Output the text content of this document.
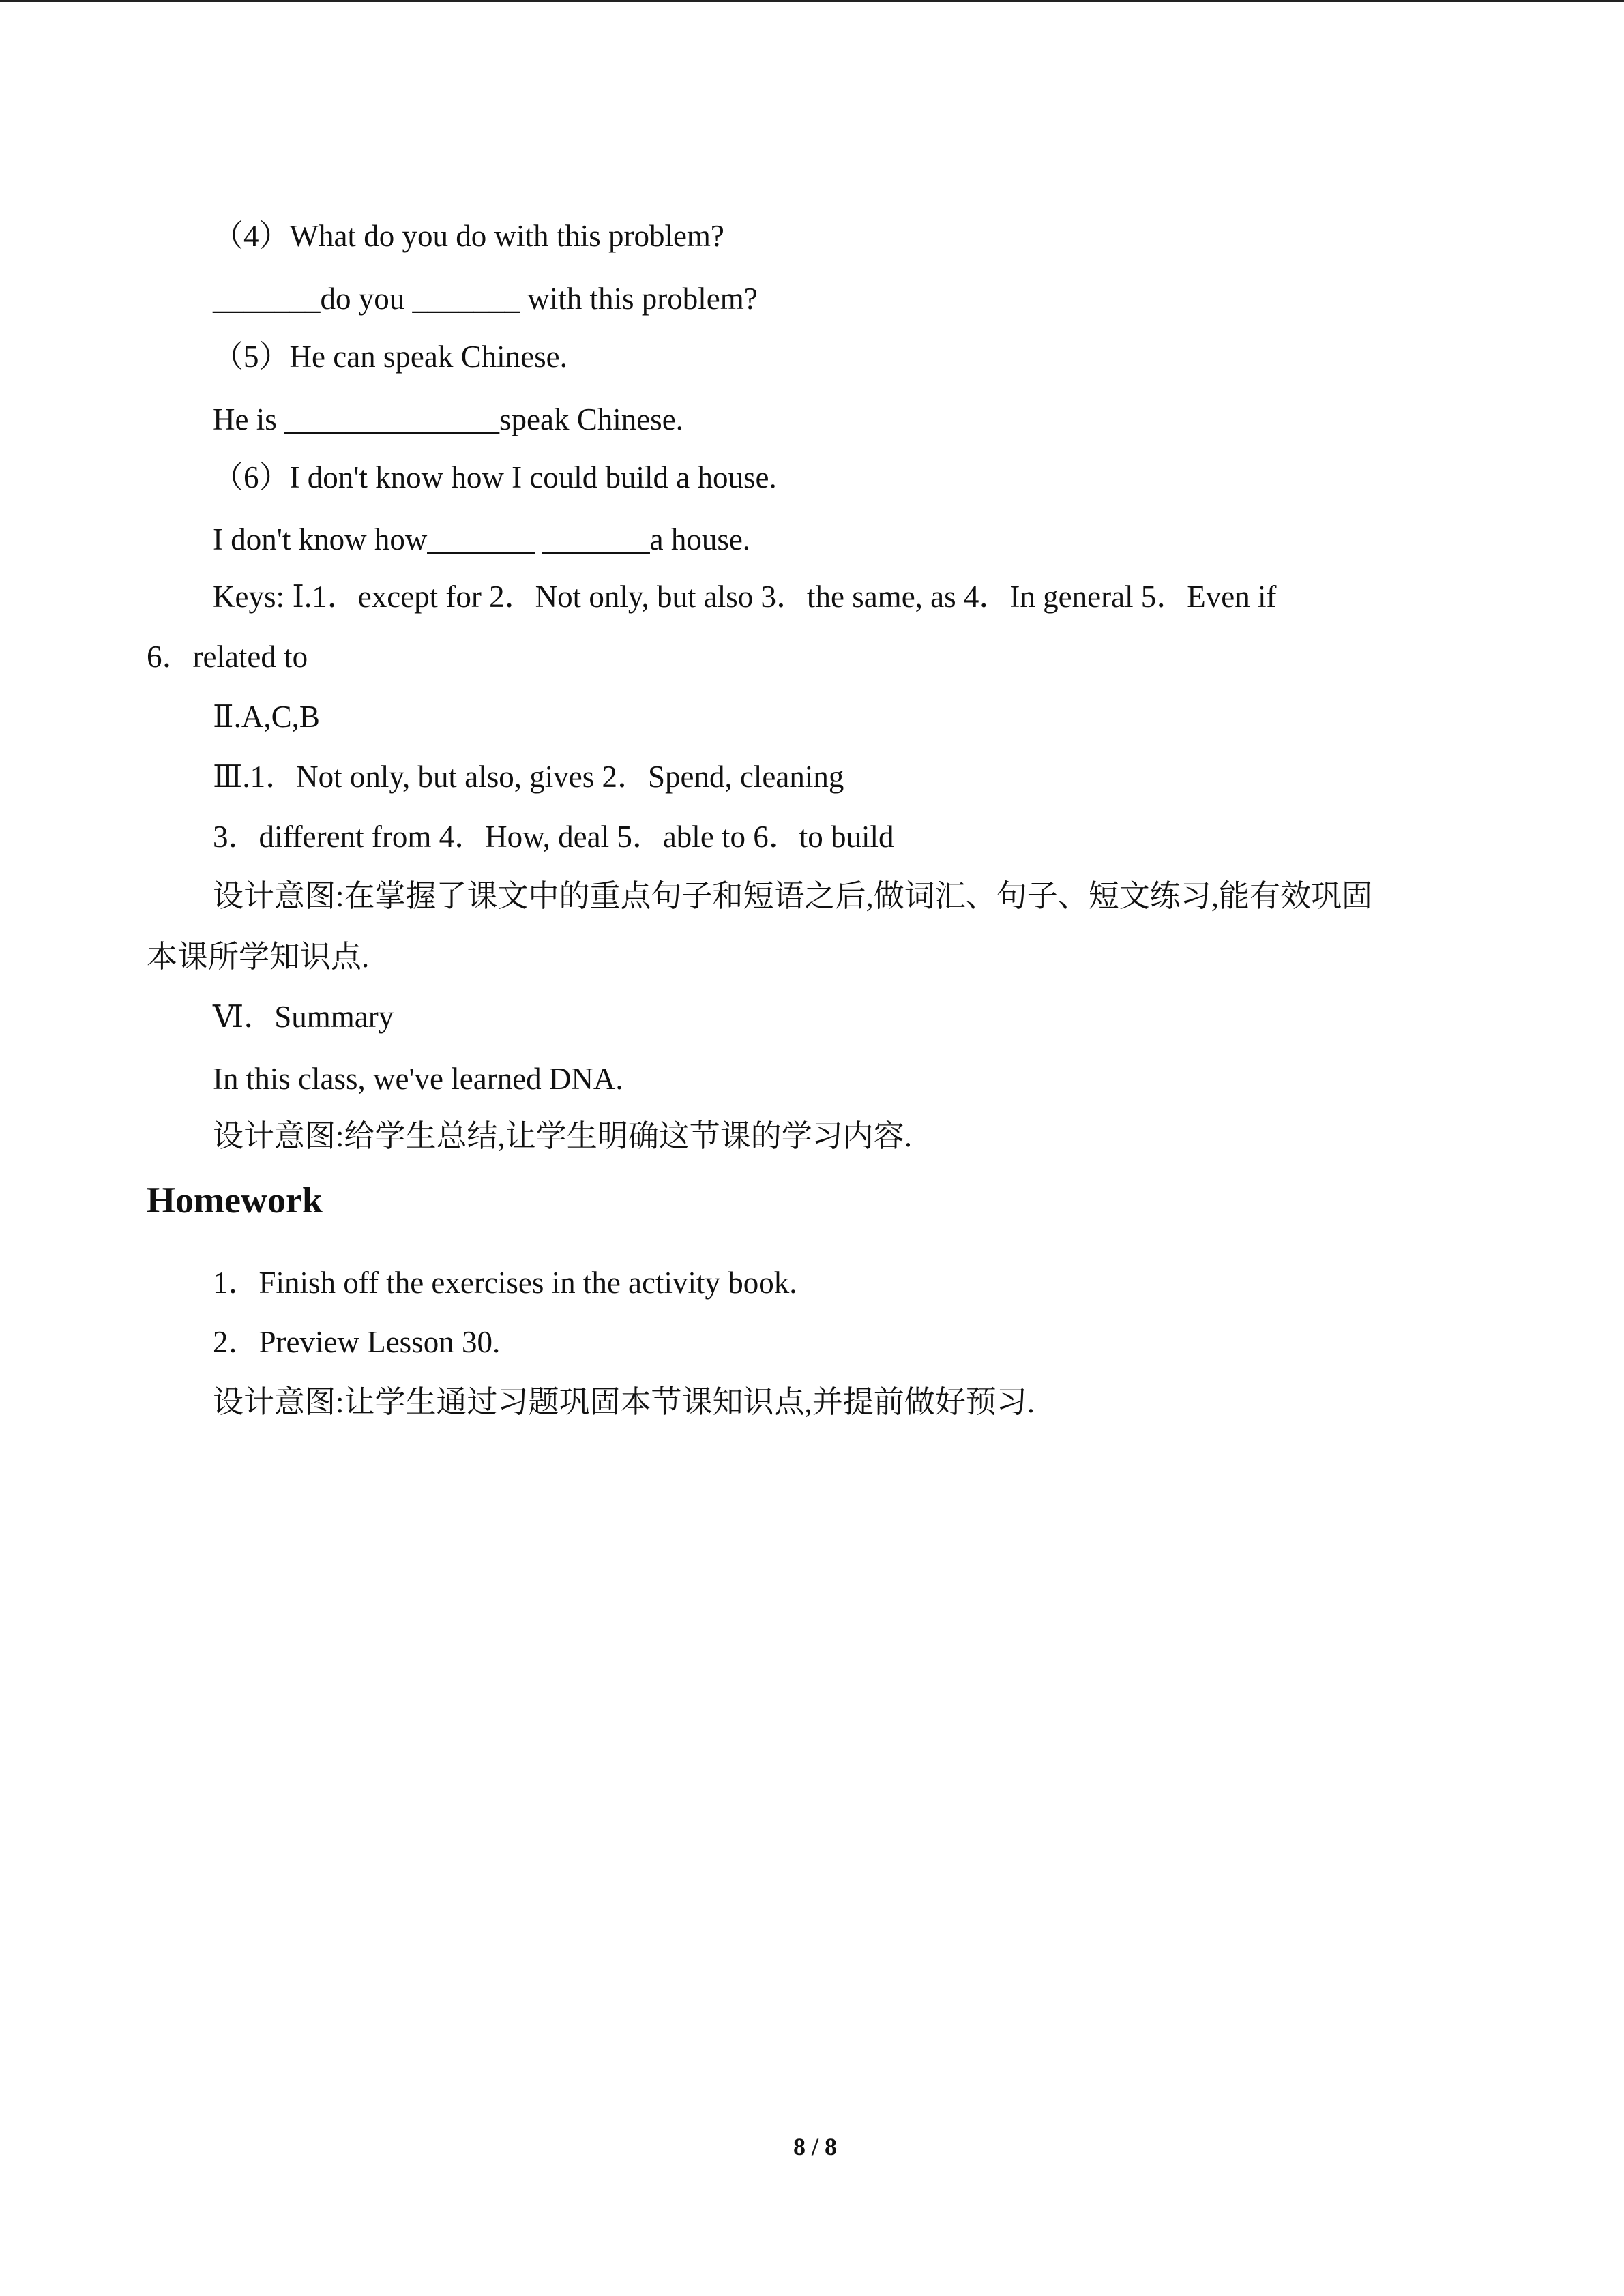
（4）What do you do with this problem?
_______do you _______ with this problem?
（5）He can speak Chinese.
He is ______________speak Chinese.
（6）I don't know how I could build a house.
I don't know how_______ _______a house.
Keys: Ⅰ.1．except for 2．Not only, but also 3．the same, as 4．In general 5．Even if
6．related to
Ⅱ.A,C,B
Ⅲ.1．Not only, but also, gives 2．Spend, cleaning
3．different from 4．How, deal 5．able to 6．to build
设计意图:在掌握了课文中的重点句子和短语之后,做词汇、句子、短文练习,能有效巩固
本课所学知识点.
Ⅵ．Summary
In this class, we've learned DNA.
设计意图:给学生总结,让学生明确这节课的学习内容.
Homework
1．Finish off the exercises in the activity book.
2．Preview Lesson 30.
设计意图:让学生通过习题巩固本节课知识点,并提前做好预习.
8 / 8
